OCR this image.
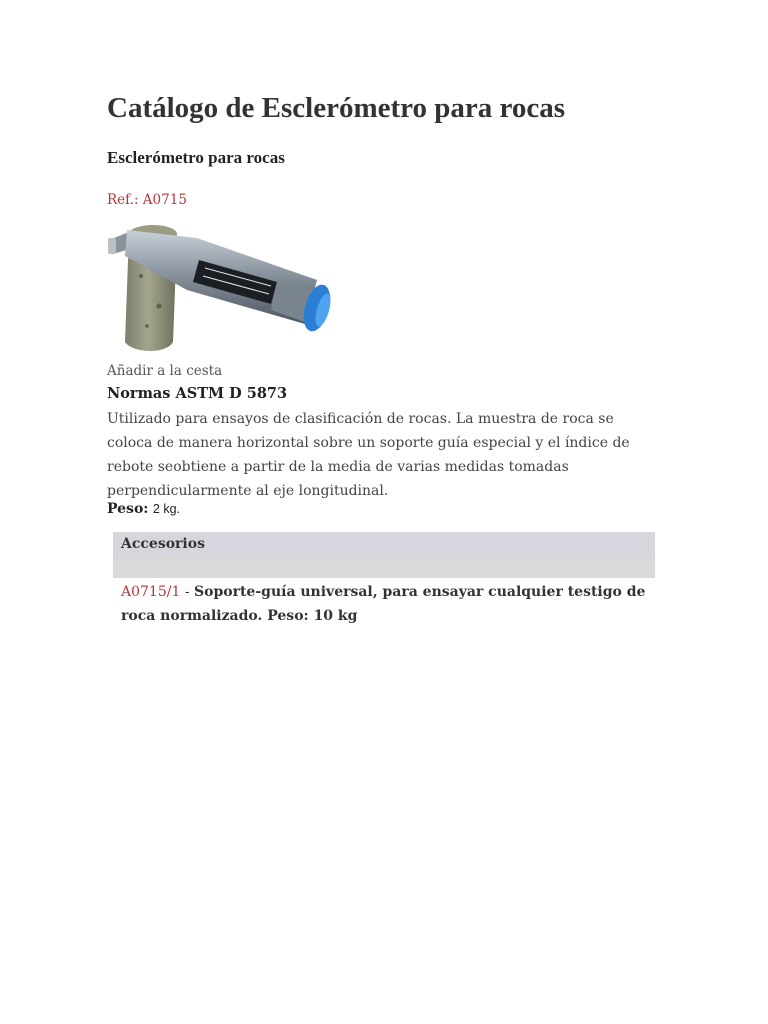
Catálogo de Esclerómetro para rocas
Esclerómetro para rocas
Ref.: A0715
Añadir a la cesta
Normas ASTM D 5873
Utilizado para ensayos de clasificación de rocas. La muestra de roca se coloca de manera horizontal sobre un soporte guía especial y el índice de rebote seobtiene a partir de la media de varias medidas tomadas perpendicularmente al eje longitudinal.
Peso: 2 kg.
Accesorios
A0715/1 - Soporte-guía universal, para ensayar cualquier testigo de roca normalizado. Peso: 10 kg
